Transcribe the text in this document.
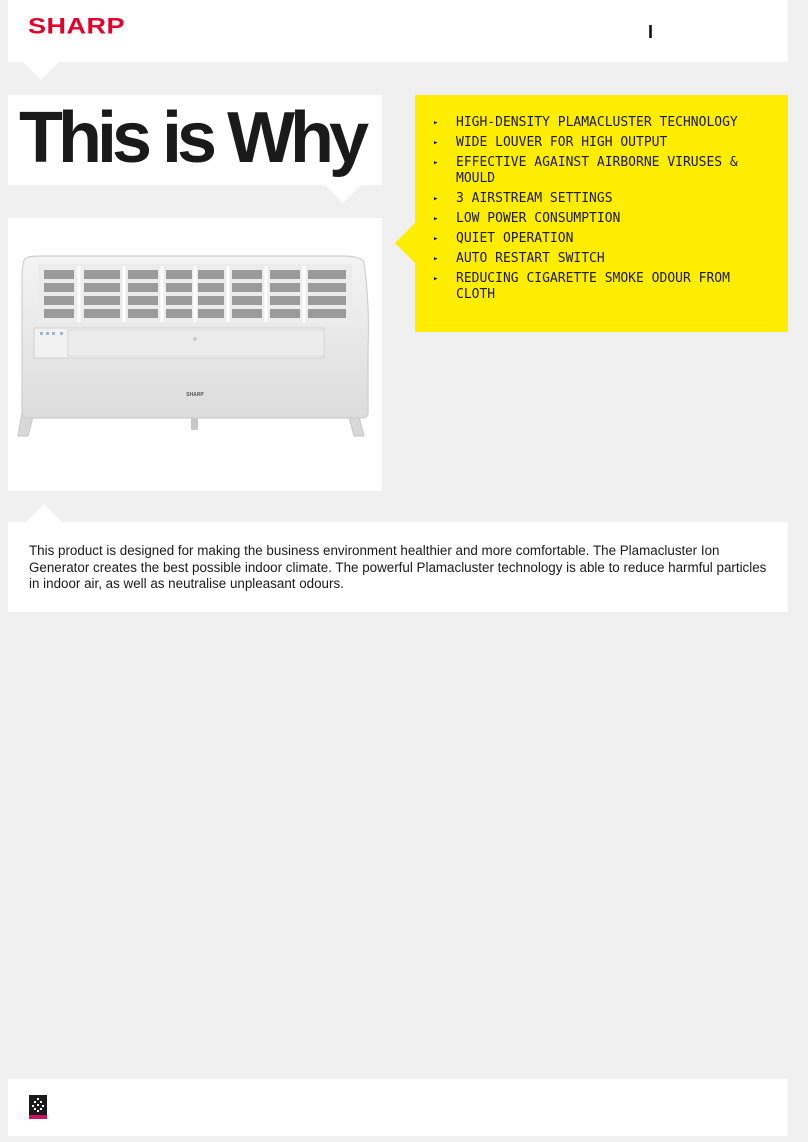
SHARP	I
This is Why
SHARP
▸ HIGH-DENSITY PLAMACLUSTER TECHNOLOGY
▸ WIDE LOUVER FOR HIGH OUTPUT
▸ EFFECTIVE AGAINST AIRBORNE VIRUSES & MOULD
▸ 3 AIRSTREAM SETTINGS
▸ LOW POWER CONSUMPTION
▸ QUIET OPERATION
▸ AUTO RESTART SWITCH
▸ REDUCING CIGARETTE SMOKE ODOUR FROM CLOTH

This product is designed for making the business environment healthier and more comfortable. The Plamacluster Ion Generator creates the best possible indoor climate. The powerful Plamacluster technology is able to reduce harmful particles in indoor air, as well as neutralise unpleasant odours.
